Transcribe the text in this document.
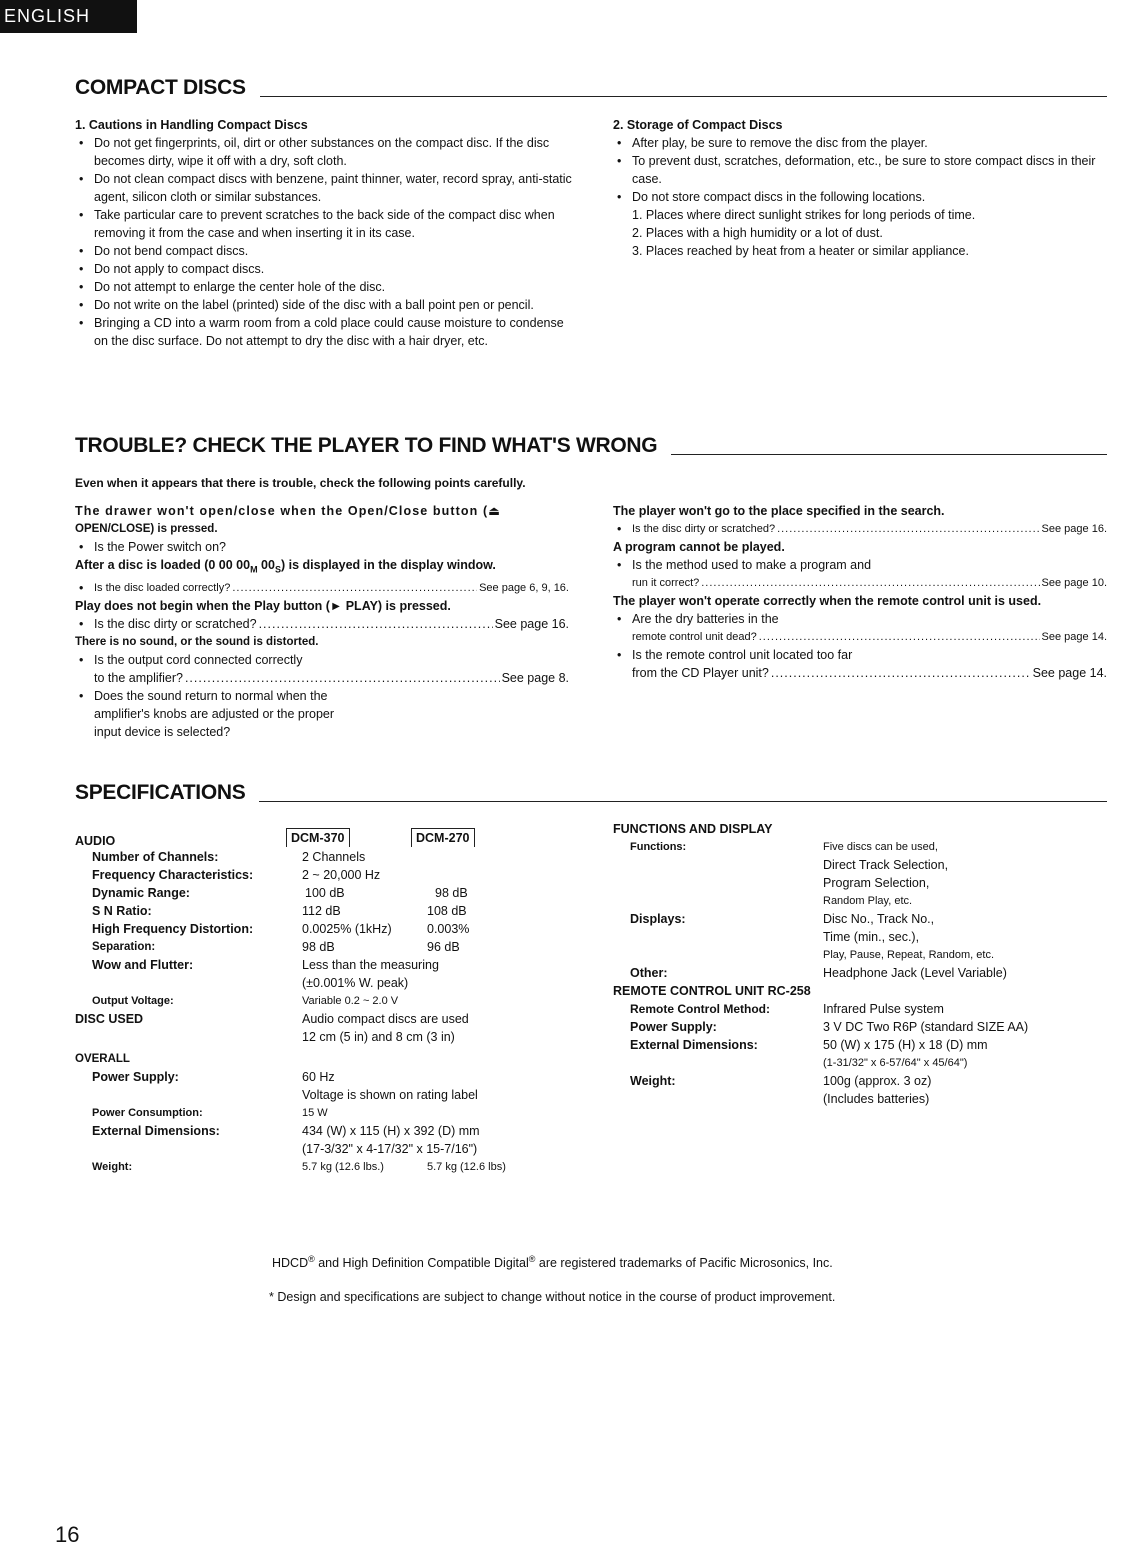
ENGLISH
COMPACT DISCS
1. Cautions in Handling Compact Discs
• Do not get fingerprints, oil, dirt or other substances on the compact disc. If the disc becomes dirty, wipe it off with a dry, soft cloth.
• Do not clean compact discs with benzene, paint thinner, water, record spray, anti-static agent, silicon cloth or similar substances.
• Take particular care to prevent scratches to the back side of the compact disc when removing it from the case and when inserting it in its case.
• Do not bend compact discs.
• Do not apply to compact discs.
• Do not attempt to enlarge the center hole of the disc.
• Do not write on the label (printed) side of the disc with a ball point pen or pencil.
• Bringing a CD into a warm room from a cold place could cause moisture to condense on the disc surface. Do not attempt to dry the disc with a hair dryer, etc.
2. Storage of Compact Discs
• After play, be sure to remove the disc from the player.
• To prevent dust, scratches, deformation, etc., be sure to store compact discs in their case.
• Do not store compact discs in the following locations.
1. Places where direct sunlight strikes for long periods of time.
2. Places with a high humidity or a lot of dust.
3. Places reached by heat from a heater or similar appliance.
TROUBLE? CHECK THE PLAYER TO FIND WHAT'S WRONG
Even when it appears that there is trouble, check the following points carefully.
The drawer won't open/close when the Open/Close button (⏏
OPEN/CLOSE) is pressed.
• Is the Power switch on?
After a disc is loaded (0 00 $00_M$ $00_S$) is displayed in the display window.
• Is the disc loaded correctly? .....	See page 6, 9, 16.
Play does not begin when the Play button (► PLAY) is pressed.
• Is the disc dirty or scratched? .....	See page 16.
There is no sound, or the sound is distorted.
• Is the output cord connected correctly
to the amplifier? .....	See page 8.
• Does the sound return to normal when the
amplifier's knobs are adjusted or the proper
input device is selected?
The player won't go to the place specified in the search.
• Is the disc dirty or scratched? .....	See page 16.
A program cannot be played.
• Is the method used to make a program and
run it correct? .....	See page 10.
The player won't operate correctly when the remote control unit is used.
• Are the dry batteries in the
remote control unit dead? .....	See page 14.
• Is the remote control unit located too far
from the CD Player unit? .....	See page 14.
SPECIFICATIONS
AUDIO	DCM-370	DCM-270
Number of Channels:	2 Channels
Frequency Characteristics:	2 ~ 20,000 Hz
Dynamic Range:	100 dB	98 dB
S N Ratio:	112 dB	108 dB
High Frequency Distortion:	0.0025% (1kHz)	0.003%
Separation:	98 dB	96 dB
Wow and Flutter:	Less than the measuring
(±0.001% W. peak)
Output Voltage:	Variable 0.2 ~ 2.0 V
DISC USED	Audio compact discs are used
12 cm (5 in) and 8 cm (3 in)
OVERALL
Power Supply:	60 Hz
Voltage is shown on rating label
Power Consumption:	15 W
External Dimensions:	434 (W) x 115 (H) x 392 (D) mm
(17-3/32" x 4-17/32" x 15-7/16")
Weight:	5.7 kg (12.6 lbs.)	5.7 kg (12.6 lbs)
FUNCTIONS AND DISPLAY
Functions:	Five discs can be used,
Direct Track Selection,
Program Selection,
Random Play, etc.
Displays:	Disc No., Track No.,
Time (min., sec.),
Play, Pause, Repeat, Random, etc.
Other:	Headphone Jack (Level Variable)
REMOTE CONTROL UNIT RC-258
Remote Control Method:	Infrared Pulse system
Power Supply:	3 V DC Two R6P (standard SIZE AA)
External Dimensions:	50 (W) x 175 (H) x 18 (D) mm
(1-31/32" x 6-57/64" x 45/64")
Weight:	100g (approx. 3 oz)
(Includes batteries)
HDCD® and High Definition Compatible Digital® are registered trademarks of Pacific Microsonics, Inc.
* Design and specifications are subject to change without notice in the course of product improvement.
16
